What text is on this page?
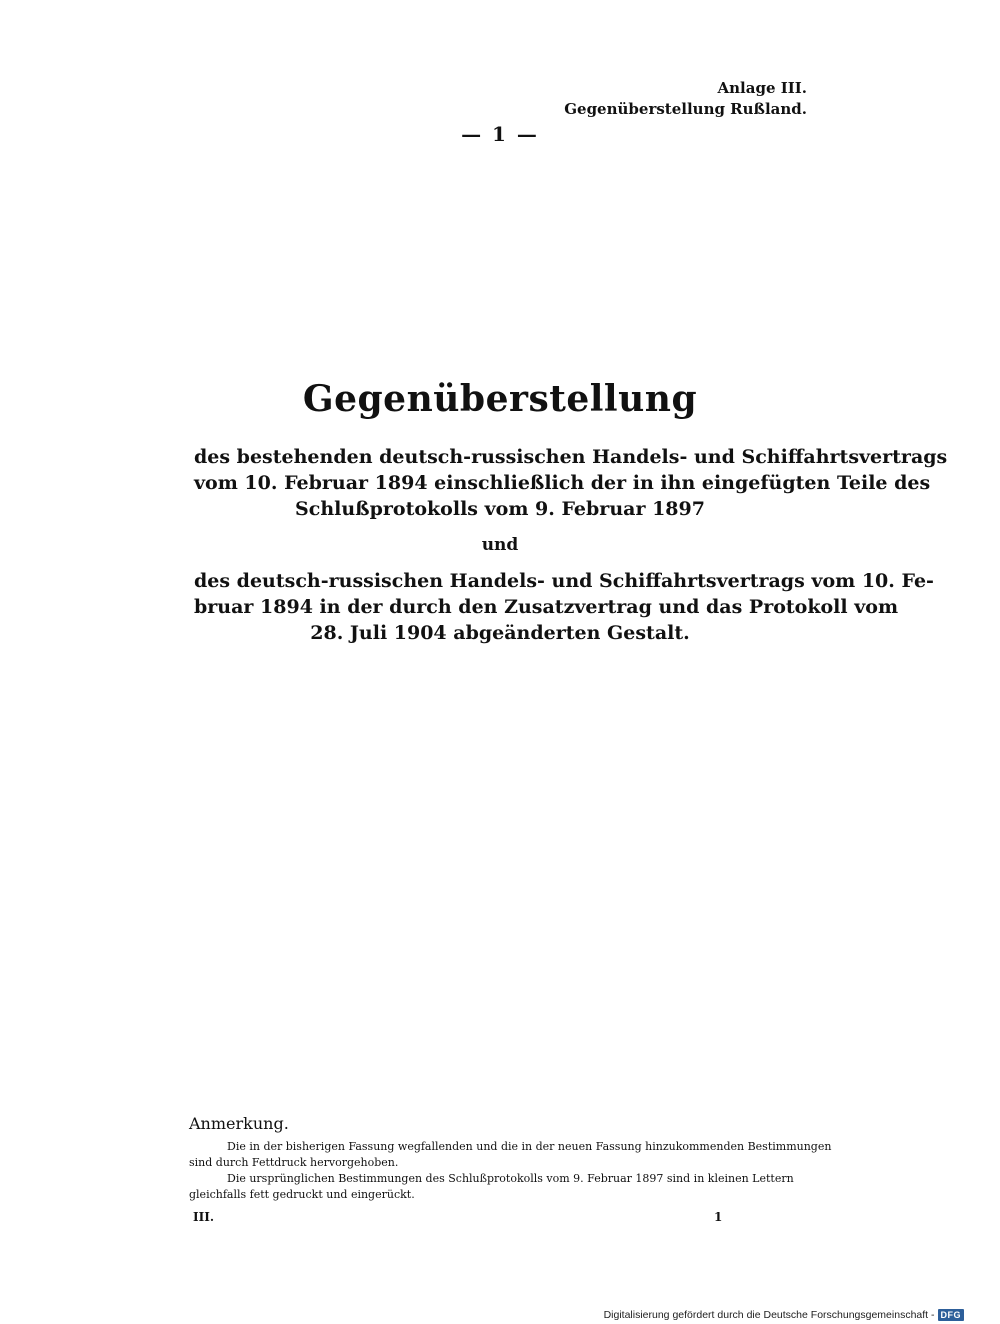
Anlage III.
Gegenüberstellung Rußland.
— 1 —
Gegenüberstellung
des bestehenden deutsch-russischen Handels- und Schiffahrtsvertrags
vom 10. Februar 1894 einschließlich der in ihn eingefügten Teile des
Schlußprotokolls vom 9. Februar 1897
und
des deutsch-russischen Handels- und Schiffahrtsvertrags vom 10. Fe-
bruar 1894 in der durch den Zusatzvertrag und das Protokoll vom
28. Juli 1904 abgeänderten Gestalt.
Anmerkung.
Die in der bisherigen Fassung wegfallenden und die in der neuen Fassung hinzukommenden Bestimmungen
sind durch Fettdruck hervorgehoben.
Die ursprünglichen Bestimmungen des Schlußprotokolls vom 9. Februar 1897 sind in kleinen Lettern
gleichfalls fett gedruckt und eingerückt.
III.	1
Digitalisierung gefördert durch die Deutsche Forschungsgemeinschaft - DFG
